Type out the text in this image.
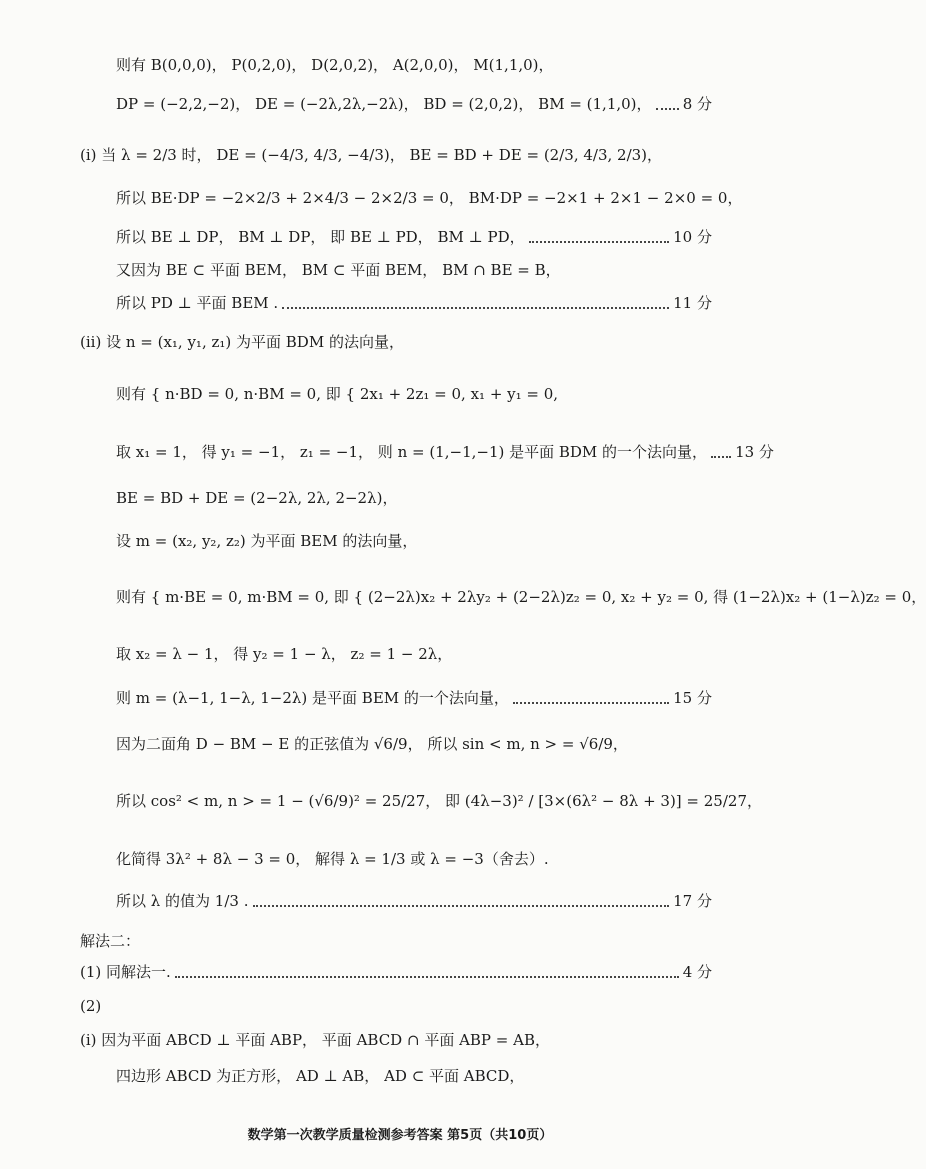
则有 B(0,0,0)， P(0,2,0)， D(2,0,2)， A(2,0,0)， M(1,1,0)，
DP = (−2,2,−2)， DE = (−2λ,2λ,−2λ)， BD = (2,0,2)， BM = (1,1,0)， 8 分
(i) 当 λ = 2/3 时， DE = (−4/3, 4/3, −4/3)， BE = BD + DE = (2/3, 4/3, 2/3)，
所以 BE·DP = −2×2/3 + 2×4/3 − 2×2/3 = 0， BM·DP = −2×1 + 2×1 − 2×0 = 0，
所以 BE ⊥ DP， BM ⊥ DP， 即 BE ⊥ PD， BM ⊥ PD，	10 分
又因为 BE ⊂ 平面 BEM， BM ⊂ 平面 BEM， BM ∩ BE = B，
所以 PD ⊥ 平面 BEM .	11 分
(ii) 设 n = (x₁, y₁, z₁) 为平面 BDM 的法向量，
则有 { n·BD = 0, n·BM = 0, 即 { 2x₁ + 2z₁ = 0, x₁ + y₁ = 0,
取 x₁ = 1， 得 y₁ = −1， z₁ = −1， 则 n = (1,−1,−1) 是平面 BDM 的一个法向量， 13 分
BE = BD + DE = (2−2λ, 2λ, 2−2λ)，
设 m = (x₂, y₂, z₂) 为平面 BEM 的法向量，
则有 { m·BE = 0, m·BM = 0, 即 { (2−2λ)x₂ + 2λy₂ + (2−2λ)z₂ = 0, x₂ + y₂ = 0, 得 (1−2λ)x₂ + (1−λ)z₂ = 0，
取 x₂ = λ − 1， 得 y₂ = 1 − λ， z₂ = 1 − 2λ，
则 m = (λ−1, 1−λ, 1−2λ) 是平面 BEM 的一个法向量，	15 分
因为二面角 D − BM − E 的正弦值为 √6/9， 所以 sin < m, n > = √6/9，
所以 cos² < m, n > = 1 − (√6/9)² = 25/27， 即 (4λ−3)² / [3×(6λ² − 8λ + 3)] = 25/27，
化简得 3λ² + 8λ − 3 = 0， 解得 λ = 1/3 或 λ = −3（舍去）.
所以 λ 的值为 1/3 .	17 分
解法二：
(1) 同解法一.	4 分
(2)
(i) 因为平面 ABCD ⊥ 平面 ABP， 平面 ABCD ∩ 平面 ABP = AB，
四边形 ABCD 为正方形， AD ⊥ AB， AD ⊂ 平面 ABCD，
数学第一次教学质量检测参考答案 第5页（共10页）
